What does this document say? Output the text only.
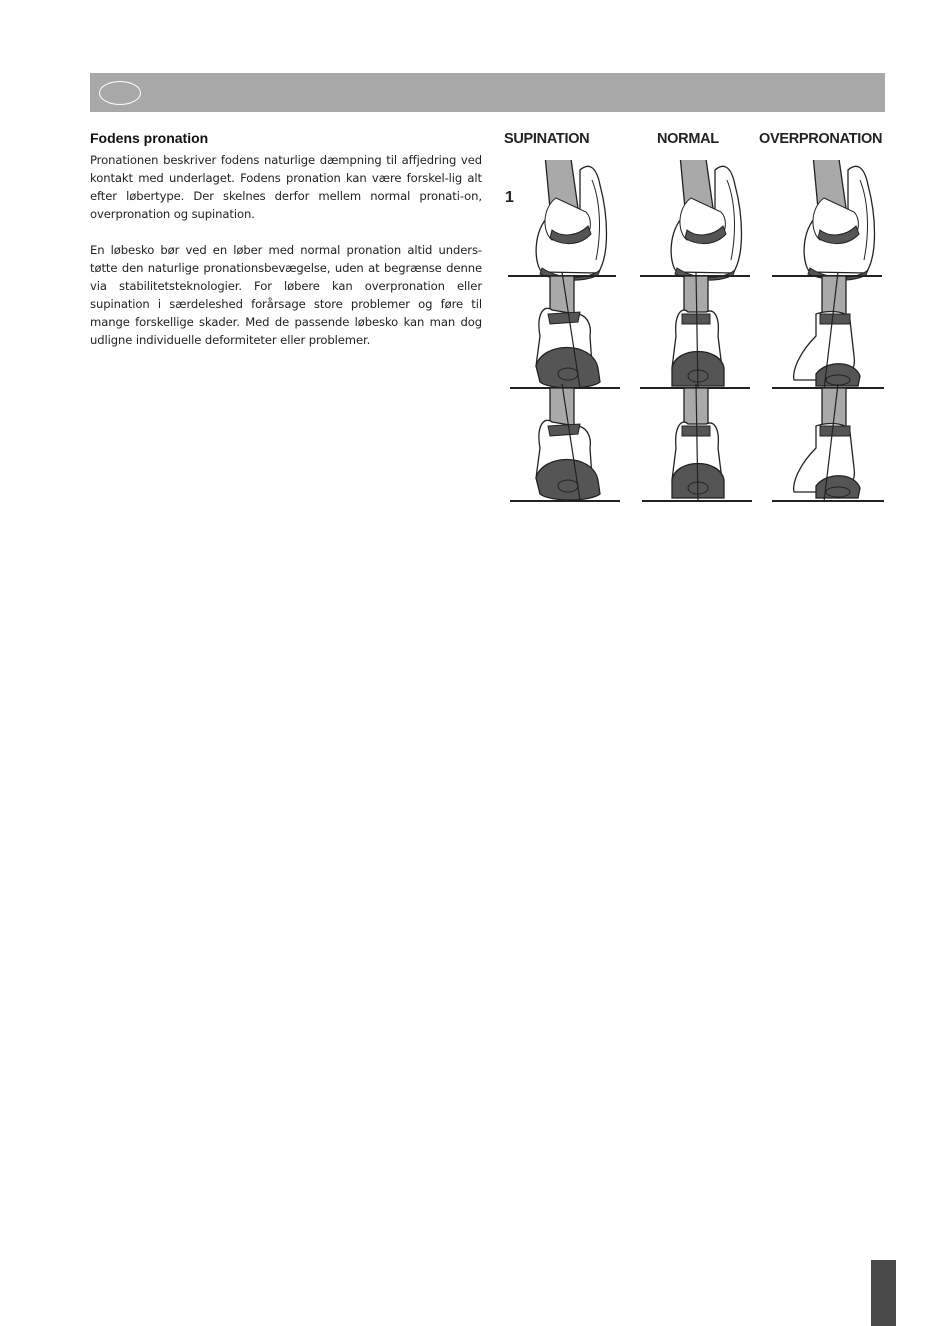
Fodens pronation

Pronationen beskriver fodens naturlige dæmpning til affjedring ved kontakt med underlaget. Fodens pronation kan være forskel-lig alt efter løbertype. Der skelnes derfor mellem normal pronati-on, overpronation og supination.

En løbesko bør ved en løber med normal pronation altid unders-tøtte den naturlige pronationsbevægelse, uden at begrænse denne via stabilitetsteknologier. For løbere kan overpronation eller supination i særdeleshed forårsage store problemer og føre til mange forskellige skader. Med de passende løbesko kan man dog udligne individuelle deformiteter eller problemer.

SUPINATION	NORMAL	OVERPRONATION
1
